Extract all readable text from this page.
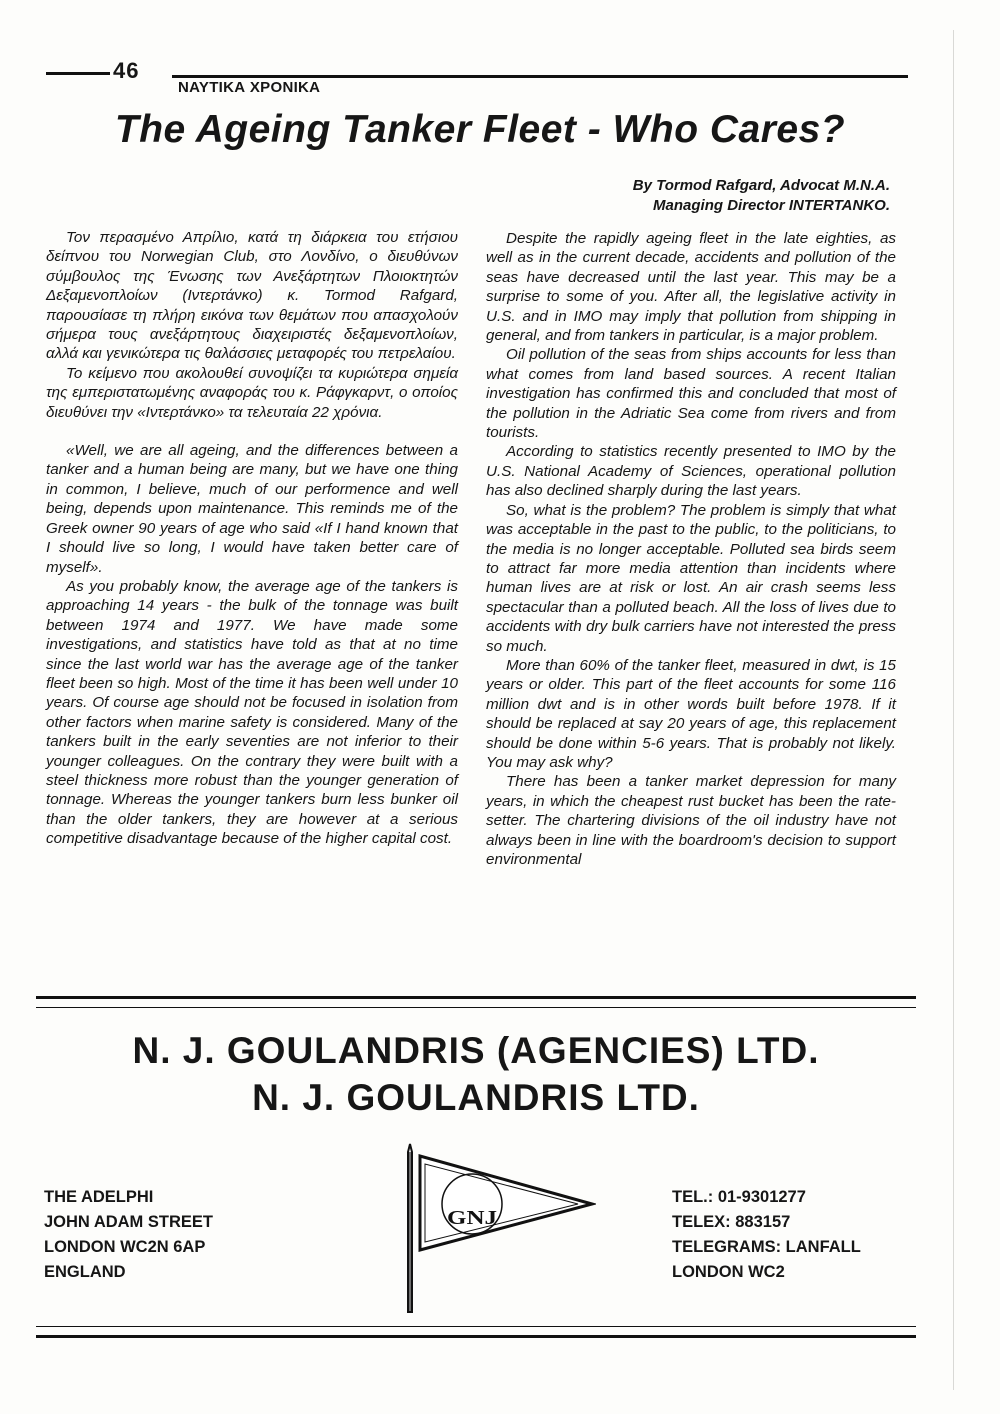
46
ΝΑΥΤΙΚΑ ΧΡΟΝΙΚΑ
The Ageing Tanker Fleet - Who Cares?
By Tormod Rafgard, Advocat M.N.A.
Managing Director INTERTANKO.

Τον περασμένο Απρίλιο, κατά τη διάρκεια του ετήσιου δείπνου του Norwegian Club, στο Λονδίνο, ο διευθύνων σύμβουλος της Ένωσης των Ανεξάρτητων Πλοιοκτητών Δεξαμενοπλοίων (Ιντερτάνκο) κ. Tormod Rafgard, παρουσίασε τη πλήρη εικόνα των θεμάτων που απασχολούν σήμερα τους ανεξάρτητους διαχειριστές δεξαμενοπλοίων, αλλά και γενικώτερα τις θαλάσσιες μεταφορές του πετρελαίου.

Το κείμενο που ακολουθεί συνοψίζει τα κυριώτερα σημεία της εμπεριστατωμένης αναφοράς του κ. Ράφγκαρντ, ο οποίος διευθύνει την «Ιντερτάνκο» τα τελευταία 22 χρόνια.

«Well, we are all ageing, and the differences between a tanker and a human being are many, but we have one thing in common, I believe, much of our performence and well being, depends upon maintenance. This reminds me of the Greek owner 90 years of age who said «If I hand known that I should live so long, I would have taken better care of myself».

As you probably know, the average age of the tankers is approaching 14 years - the bulk of the tonnage was built between 1974 and 1977. We have made some investigations, and statistics have told as that at no time since the last world war has the average age of the tanker fleet been so high. Most of the time it has been well under 10 years. Of course age should not be focused in isolation from other factors when marine safety is considered. Many of the tankers built in the early seventies are not inferior to their younger colleagues. On the contrary they were built with a steel thickness more robust than the younger generation of tonnage. Whereas the younger tankers burn less bunker oil than the older tankers, they are however at a serious competitive disadvantage because of the higher capital cost.

Despite the rapidly ageing fleet in the late eighties, as well as in the current decade, accidents and pollution of the seas have decreased until the last year. This may be a surprise to some of you. After all, the legislative activity in U.S. and in IMO may imply that pollution from shipping in general, and from tankers in particular, is a major problem.

Oil pollution of the seas from ships accounts for less than what comes from land based sources. A recent Italian investigation has confirmed this and concluded that most of the pollution in the Adriatic Sea come from rivers and from tourists.

According to statistics recently presented to IMO by the U.S. National Academy of Sciences, operational pollution has also declined sharply during the last years.

So, what is the problem? The problem is simply that what was acceptable in the past to the public, to the politicians, to the media is no longer acceptable. Polluted sea birds seem to attract far more media attention than incidents where human lives are at risk or lost. An air crash seems less spectacular than a polluted beach. All the loss of lives due to accidents with dry bulk carriers have not interested the press so much.

More than 60% of the tanker fleet, measured in dwt, is 15 years or older. This part of the fleet accounts for some 116 million dwt and is in other words built before 1978. If it should be replaced at say 20 years of age, this replacement should be done within 5-6 years. That is probably not likely. You may ask why?

There has been a tanker market depression for many years, in which the cheapest rust bucket has been the rate-setter. The chartering divisions of the oil industry have not always been in line with the boardroom's decision to support environmental

N. J. GOULANDRIS (AGENCIES) LTD.
N. J. GOULANDRIS LTD.
THE ADELPHI
JOHN ADAM STREET
LONDON WC2N 6AP
ENGLAND
GNJ
TEL.: 01-9301277
TELEX: 883157
TELEGRAMS: LANFALL
LONDON WC2
